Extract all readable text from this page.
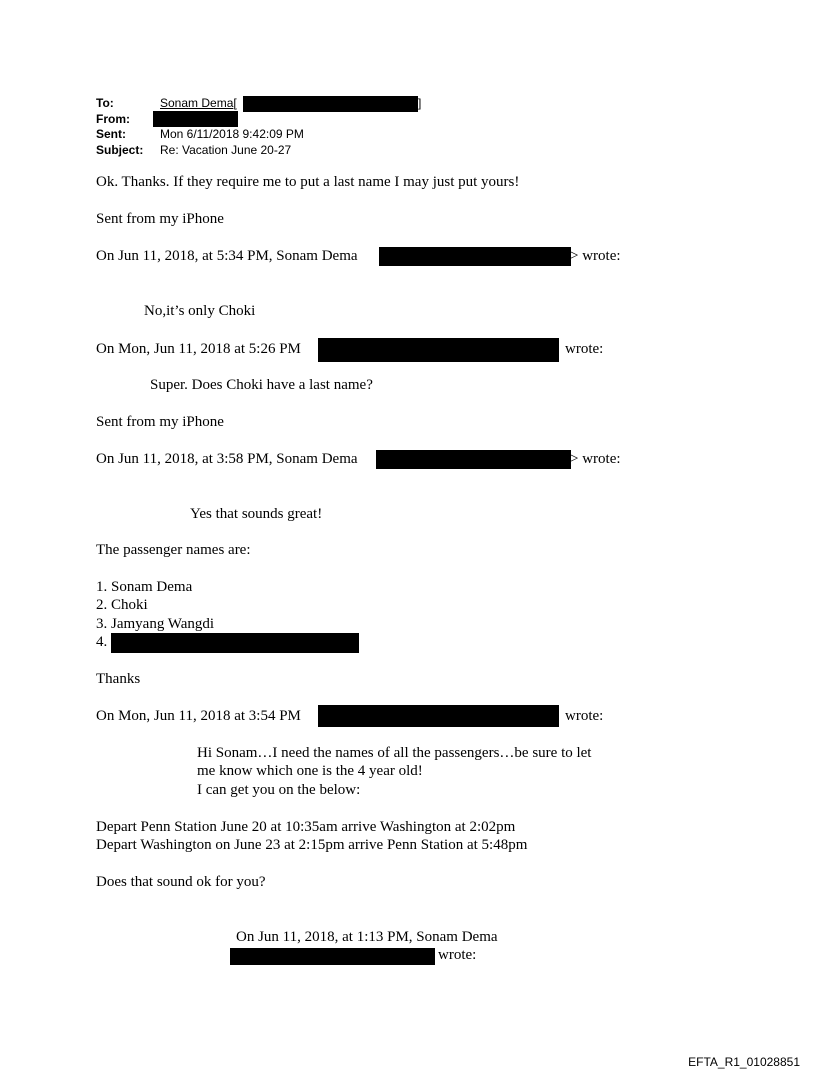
To:	Sonam Dema[	]
From:
Sent:	Mon 6/11/2018 9:42:09 PM
Subject: Re: Vacation June 20-27
Ok. Thanks. If they require me to put a last name I may just put yours!
Sent from my iPhone
On Jun 11, 2018, at 5:34 PM, Sonam Dema	> wrote:
No,it’s only Choki
On Mon, Jun 11, 2018 at 5:26 PM	wrote:
Super. Does Choki have a last name?
Sent from my iPhone
On Jun 11, 2018, at 3:58 PM, Sonam Dema	> wrote:
Yes that sounds great!
The passenger names are:
1. Sonam Dema
2. Choki
3. Jamyang Wangdi
4.
Thanks
On Mon, Jun 11, 2018 at 3:54 PM	wrote:
Hi Sonam…I need the names of all the passengers…be sure to let
me know which one is the 4 year old!
I can get you on the below:
Depart Penn Station June 20 at 10:35am arrive Washington at 2:02pm
Depart Washington on June 23 at 2:15pm arrive Penn Station at 5:48pm
Does that sound ok for you?
On Jun 11, 2018, at 1:13 PM, Sonam Dema
wrote:
EFTA_R1_01028851
